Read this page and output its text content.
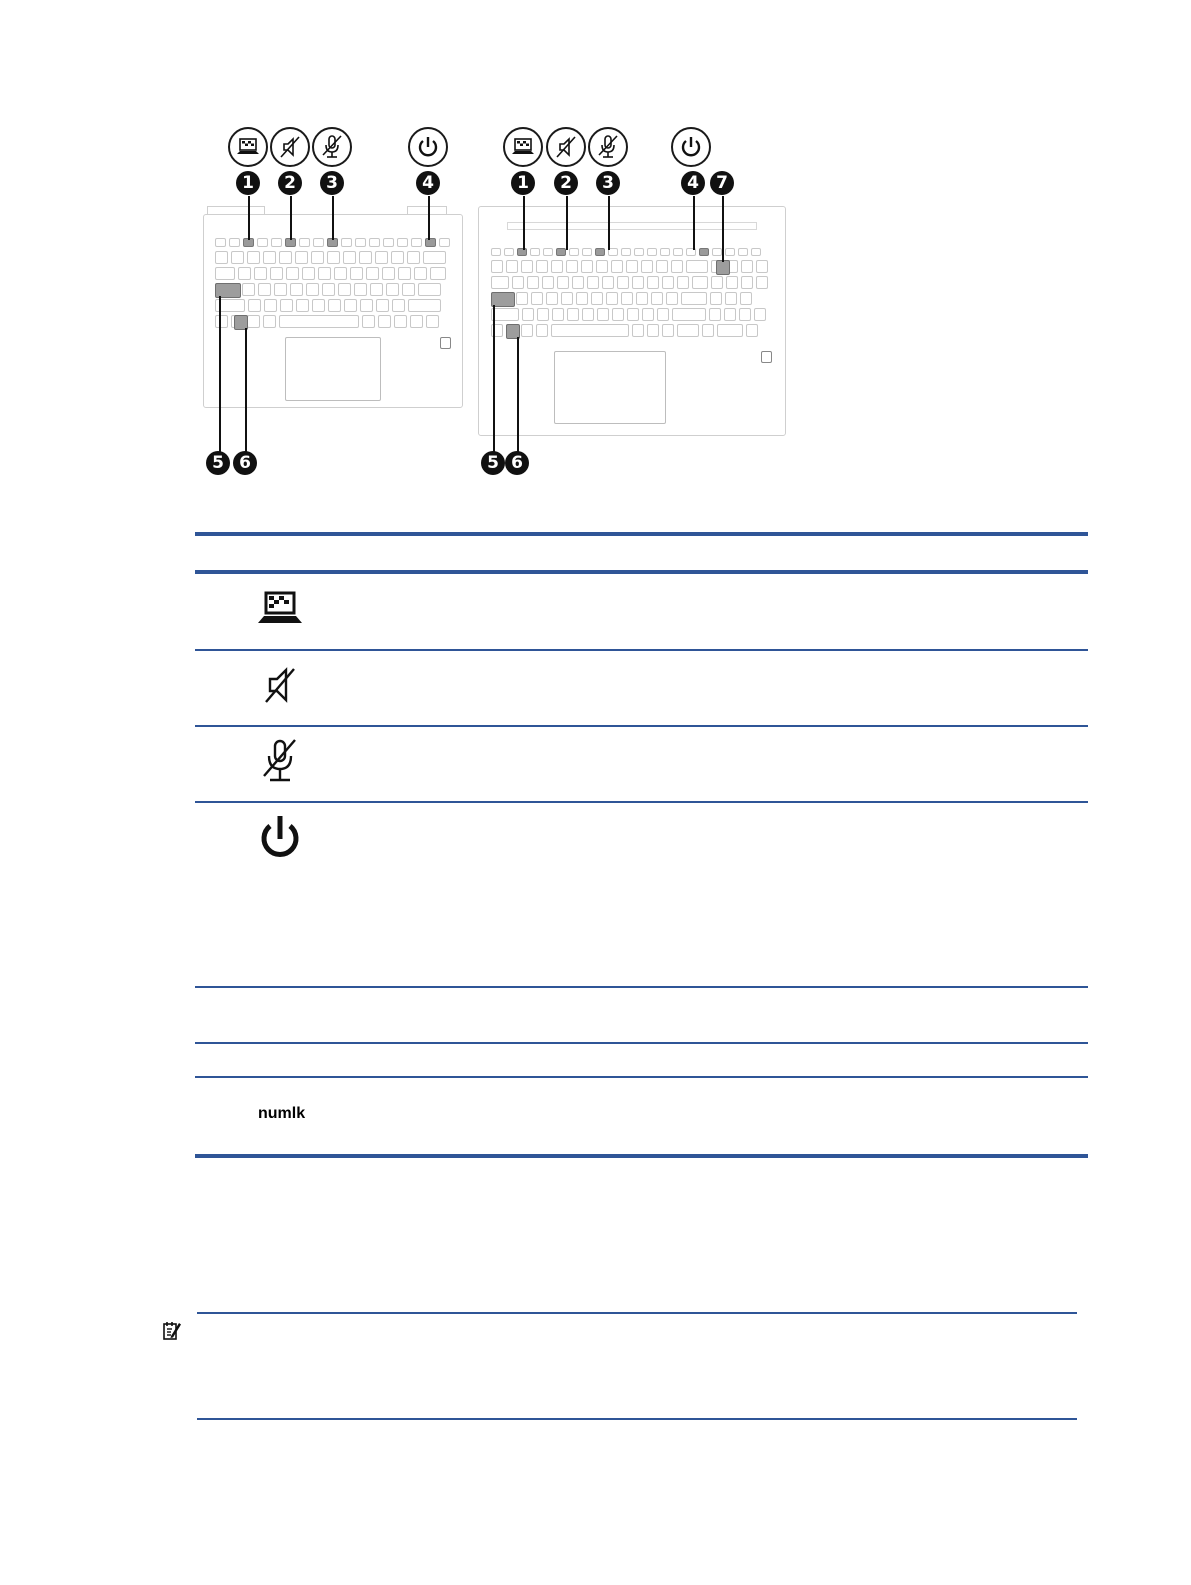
1	2	3	4
5 6
1	2	3	4	7
5 6
numlk
